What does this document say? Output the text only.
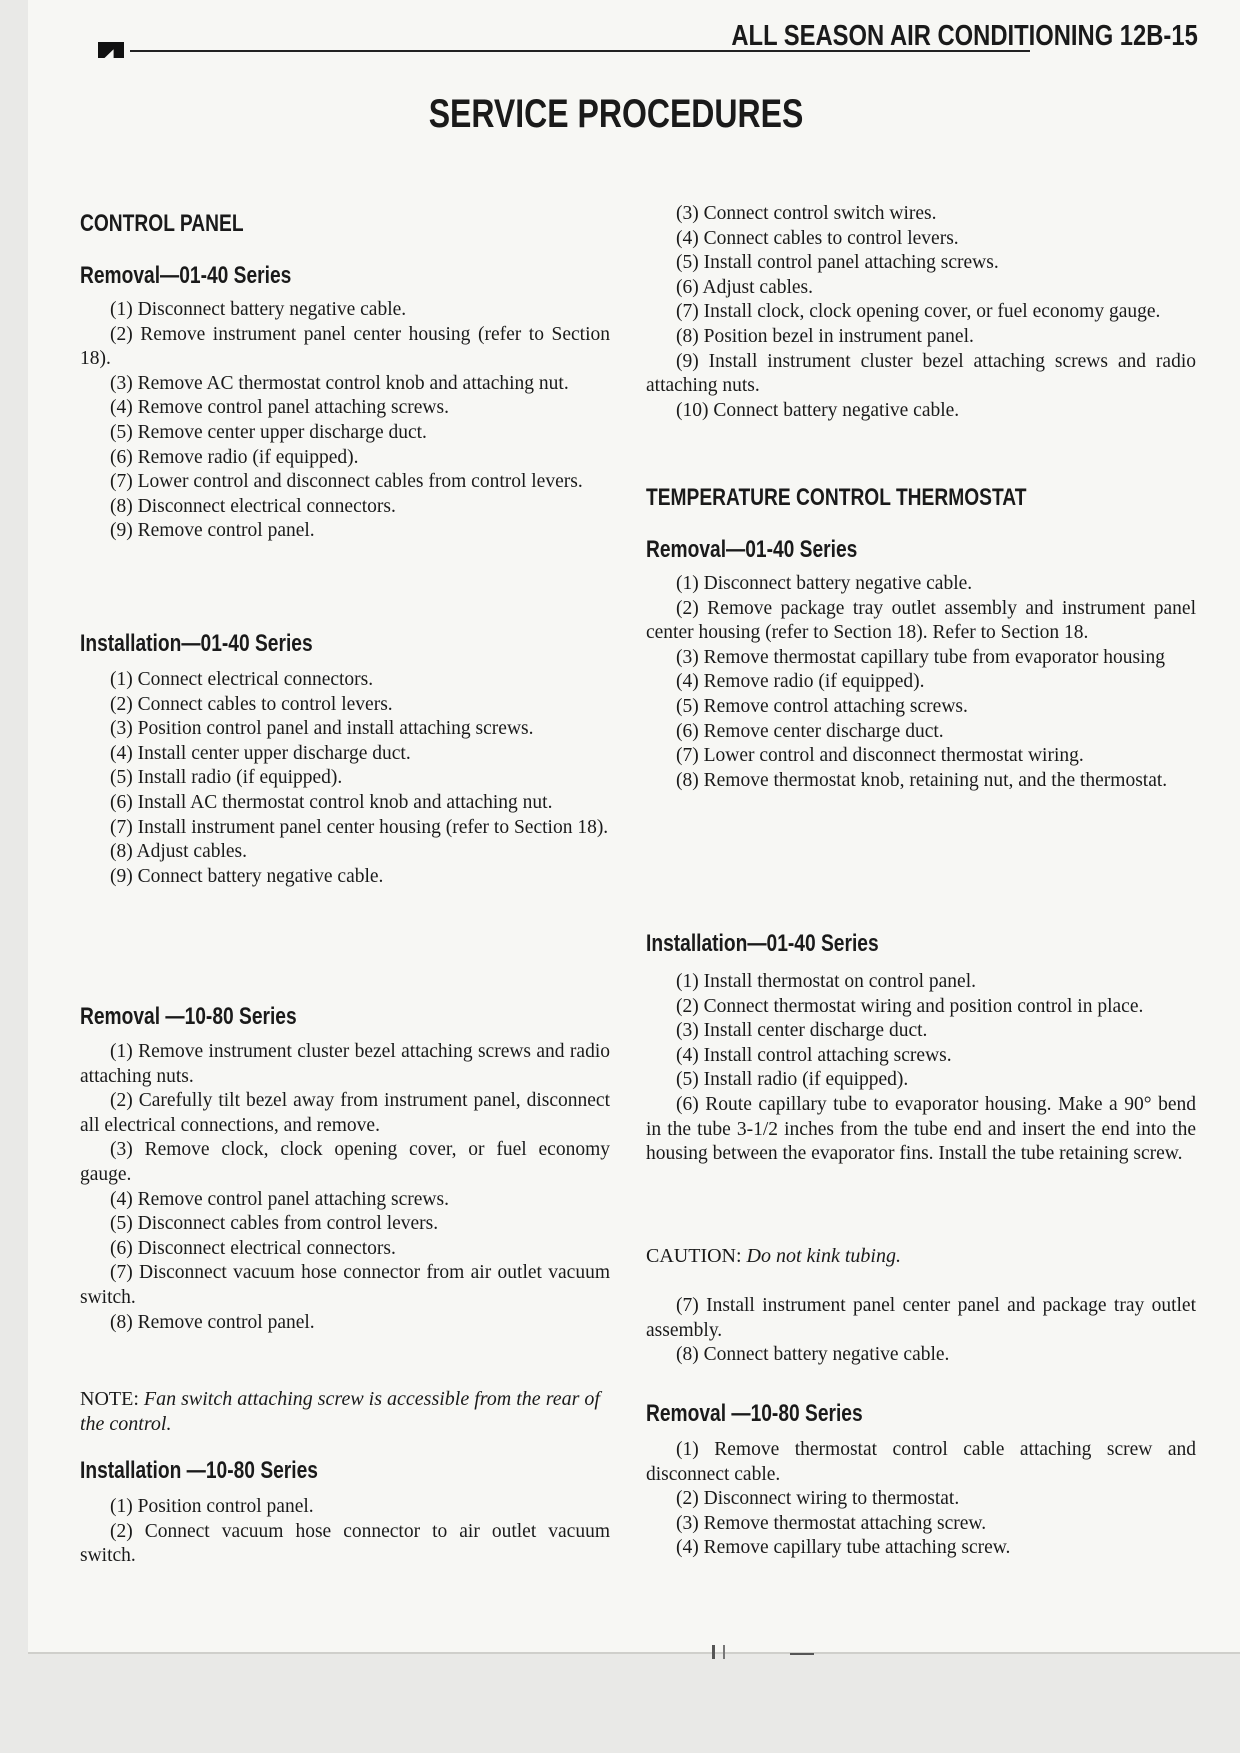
ALL SEASON AIR CONDITIONING 12B-15
SERVICE PROCEDURES
CONTROL PANEL
Removal—01-40 Series

(1) Disconnect battery negative cable.

(2) Remove instrument panel center housing (refer to Section 18).

(3) Remove AC thermostat control knob and attaching nut.

(4) Remove control panel attaching screws.

(5) Remove center upper discharge duct.

(6) Remove radio (if equipped).

(7) Lower control and disconnect cables from control levers.

(8) Disconnect electrical connectors.

(9) Remove control panel.

Installation—01-40 Series

(1) Connect electrical connectors.

(2) Connect cables to control levers.

(3) Position control panel and install attaching screws.

(4) Install center upper discharge duct.

(5) Install radio (if equipped).

(6) Install AC thermostat control knob and attaching nut.

(7) Install instrument panel center housing (refer to Section 18).

(8) Adjust cables.

(9) Connect battery negative cable.

Removal —10-80 Series

(1) Remove instrument cluster bezel attaching screws and radio attaching nuts.

(2) Carefully tilt bezel away from instrument panel, disconnect all electrical connections, and remove.

(3) Remove clock, clock opening cover, or fuel economy gauge.

(4) Remove control panel attaching screws.

(5) Disconnect cables from control levers.

(6) Disconnect electrical connectors.

(7) Disconnect vacuum hose connector from air outlet vacuum switch.

(8) Remove control panel.

NOTE: Fan switch attaching screw is accessible from the rear of the control.

Installation —10-80 Series

(1) Position control panel.

(2) Connect vacuum hose connector to air outlet vacuum switch.

(3) Connect control switch wires.

(4) Connect cables to control levers.

(5) Install control panel attaching screws.

(6) Adjust cables.

(7) Install clock, clock opening cover, or fuel economy gauge.

(8) Position bezel in instrument panel.

(9) Install instrument cluster bezel attaching screws and radio attaching nuts.

(10) Connect battery negative cable.

TEMPERATURE CONTROL THERMOSTAT
Removal—01-40 Series

(1) Disconnect battery negative cable.

(2) Remove package tray outlet assembly and instrument panel center housing (refer to Section 18). Refer to Section 18.

(3) Remove thermostat capillary tube from evaporator housing

(4) Remove radio (if equipped).

(5) Remove control attaching screws.

(6) Remove center discharge duct.

(7) Lower control and disconnect thermostat wiring.

(8) Remove thermostat knob, retaining nut, and the thermostat.

Installation—01-40 Series

(1) Install thermostat on control panel.

(2) Connect thermostat wiring and position control in place.

(3) Install center discharge duct.

(4) Install control attaching screws.

(5) Install radio (if equipped).

(6) Route capillary tube to evaporator housing. Make a 90° bend in the tube 3-1/2 inches from the tube end and insert the end into the housing between the evaporator fins. Install the tube retaining screw.

CAUTION: Do not kink tubing.

(7) Install instrument panel center panel and package tray outlet assembly.

(8) Connect battery negative cable.

Removal —10-80 Series

(1) Remove thermostat control cable attaching screw and disconnect cable.

(2) Disconnect wiring to thermostat.

(3) Remove thermostat attaching screw.

(4) Remove capillary tube attaching screw.
